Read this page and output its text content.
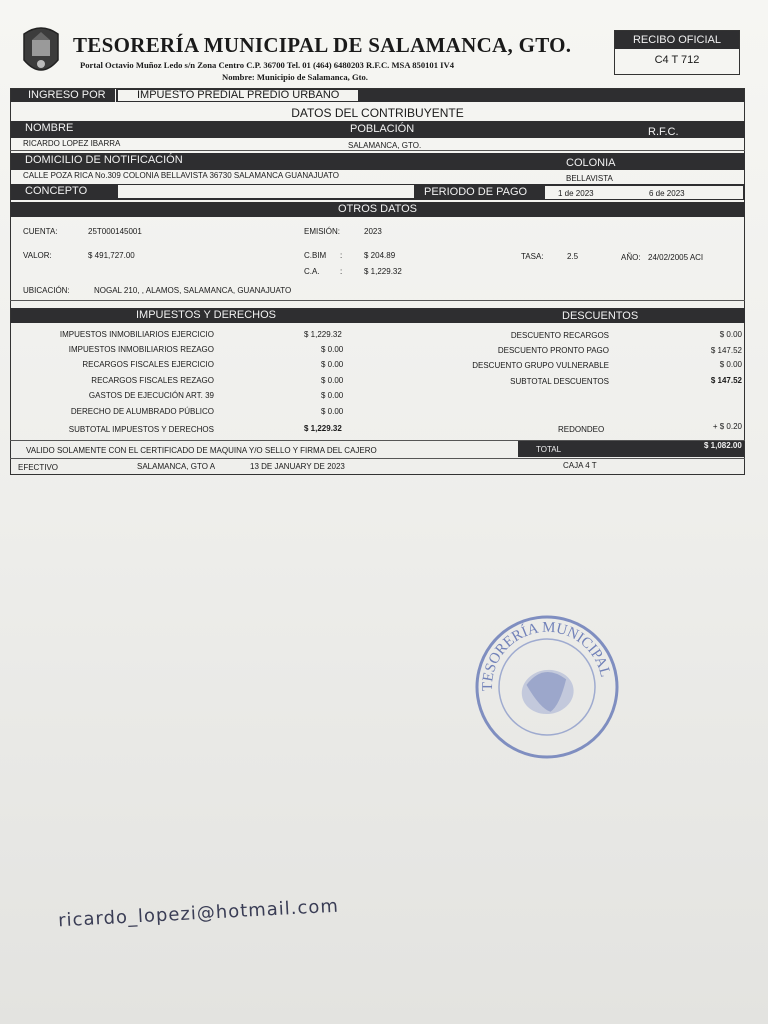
TESORERÍA MUNICIPAL DE SALAMANCA, GTO.
Portal Octavio Muñoz Ledo s/n Zona Centro C.P. 36700 Tel. 01 (464) 6480203 R.F.C. MSA 850101 IV4
Nombre: Municipio de Salamanca, Gto.
RECIBO OFICIAL
C4 T 712
INGRESO POR	IMPUESTO PREDIAL PREDIO URBANO
DATOS DEL CONTRIBUYENTE
NOMBRE	POBLACIÓN	R.F.C.
RICARDO LOPEZ IBARRA	SALAMANCA, GTO.
DOMICILIO DE NOTIFICACIÓN	COLONIA
CALLE POZA RICA No.309 COLONIA BELLAVISTA 36730 SALAMANCA GUANAJUATO	BELLAVISTA
CONCEPTO	PERIODO DE PAGO	1 de 2023	6 de 2023
OTROS DATOS
CUENTA:	25T000145001	EMISIÓN:	2023
VALOR:	$ 491,727.00	C.BIM :	$ 204.89	TASA:	2.5	AÑO: 24/02/2005 ACI
C.A.	:	$ 1,229.32
UBICACIÓN:	NOGAL 210, , ALAMOS, SALAMANCA, GUANAJUATO
IMPUESTOS Y DERECHOS	DESCUENTOS
IMPUESTOS INMOBILIARIOS EJERCICIO	$ 1,229.32
IMPUESTOS INMOBILIARIOS REZAGO	$ 0.00
RECARGOS FISCALES EJERCICIO	$ 0.00
RECARGOS FISCALES REZAGO	$ 0.00
GASTOS DE EJECUCIÓN ART. 39	$ 0.00
DERECHO DE ALUMBRADO PÚBLICO	$ 0.00
SUBTOTAL IMPUESTOS Y DERECHOS	$ 1,229.32
DESCUENTO RECARGOS	$ 0.00
DESCUENTO PRONTO PAGO	$ 147.52
DESCUENTO GRUPO VULNERABLE	$ 0.00
SUBTOTAL DESCUENTOS	$ 147.52
REDONDEO	+ $ 0.20
VALIDO SOLAMENTE CON EL CERTIFICADO DE MAQUINA Y/O SELLO Y FIRMA DEL CAJERO	TOTAL	$ 1,082.00
EFECTIVO	SALAMANCA, GTO A	13 DE JANUARY DE 2023	CAJA 4 T
TESORERÍA MUNICIPAL · SALAMANCA, GTO.
ricardo_lopezi@hotmail.com
